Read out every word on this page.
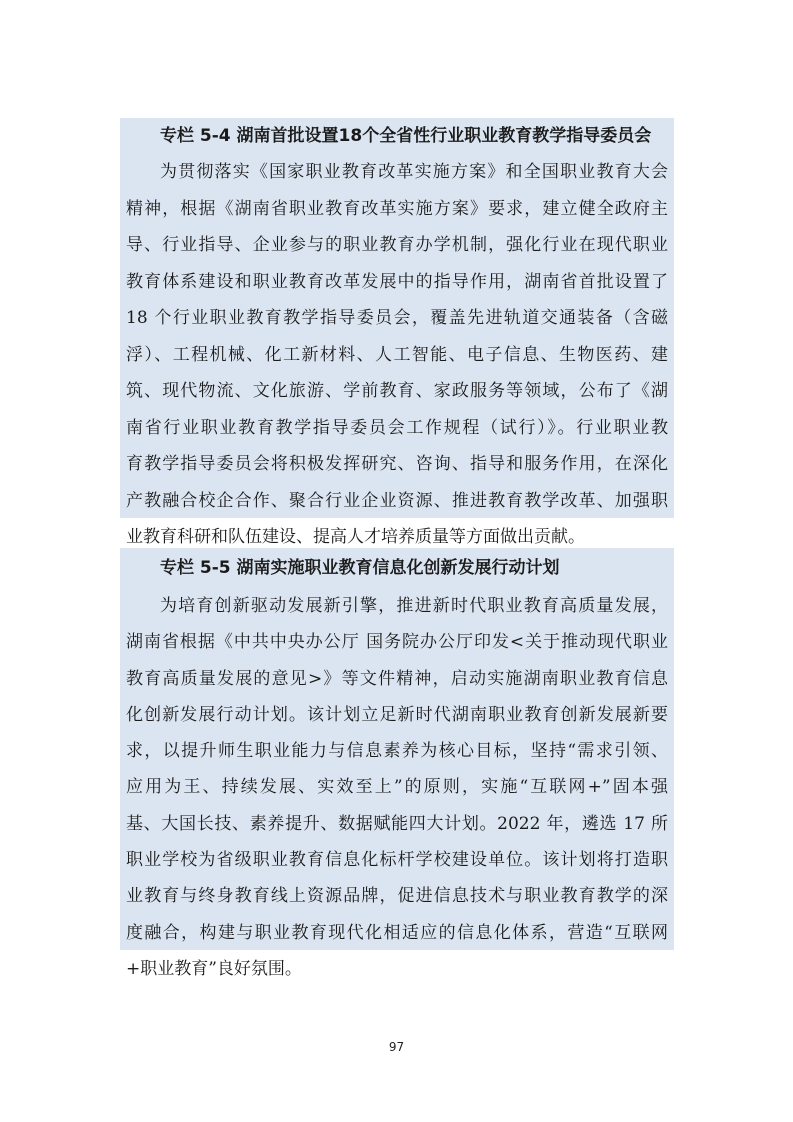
专栏 5-4 湖南首批设置18个全省性行业职业教育教学指导委员会
为贯彻落实《国家职业教育改革实施方案》和全国职业教育大会
精神，根据《湖南省职业教育改革实施方案》要求，建立健全政府主
导、行业指导、企业参与的职业教育办学机制，强化行业在现代职业
教育体系建设和职业教育改革发展中的指导作用，湖南省首批设置了
18 个行业职业教育教学指导委员会，覆盖先进轨道交通装备（含磁
浮）、工程机械、化工新材料、人工智能、电子信息、生物医药、建
筑、现代物流、文化旅游、学前教育、家政服务等领域，公布了《湖
南省行业职业教育教学指导委员会工作规程（试行）》。行业职业教
育教学指导委员会将积极发挥研究、咨询、指导和服务作用，在深化
产教融合校企合作、聚合行业企业资源、推进教育教学改革、加强职
业教育科研和队伍建设、提高人才培养质量等方面做出贡献。
专栏 5-5 湖南实施职业教育信息化创新发展行动计划
为培育创新驱动发展新引擎，推进新时代职业教育高质量发展，
湖南省根据《中共中央办公厅 国务院办公厅印发<关于推动现代职业
教育高质量发展的意见>》等文件精神，启动实施湖南职业教育信息
化创新发展行动计划。该计划立足新时代湖南职业教育创新发展新要
求，以提升师生职业能力与信息素养为核心目标，坚持“需求引领、
应用为王、持续发展、实效至上”的原则，实施“互联网+”固本强
基、大国长技、素养提升、数据赋能四大计划。2022 年，遴选 17 所
职业学校为省级职业教育信息化标杆学校建设单位。该计划将打造职
业教育与终身教育线上资源品牌，促进信息技术与职业教育教学的深
度融合，构建与职业教育现代化相适应的信息化体系，营造“互联网
+职业教育”良好氛围。
97
